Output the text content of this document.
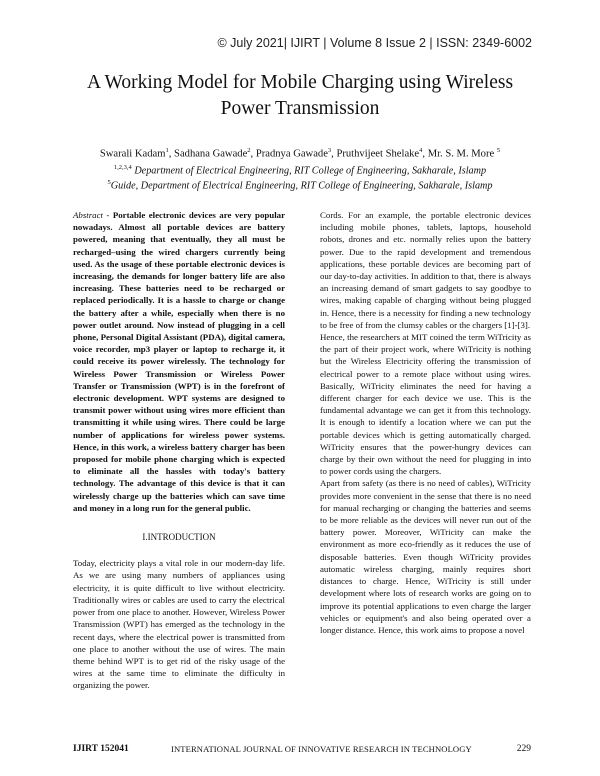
© July 2021| IJIRT | Volume 8 Issue 2 | ISSN: 2349-6002
A Working Model for Mobile Charging using Wireless
Power Transmission
Swarali Kadam$^1$, Sadhana Gawade$^2$, Pradnya Gawade$^3$, Pruthvijeet Shelake$^4$, Mr. S. M. More $^5$
$^{1,2,3,4}$ Department of Electrical Engineering, RIT College of Engineering, Sakharale, Islamp
$^5$Guide, Department of Electrical Engineering, RIT College of Engineering, Sakharale, Islamp

Abstract - Portable electronic devices are very popular nowadays. Almost all portable devices are battery powered, meaning that eventually, they all must be recharged–using the wired chargers currently being used. As the usage of these portable electronic devices is increasing, the demands for longer battery life are also increasing. These batteries need to be recharged or replaced periodically. It is a hassle to charge or change the battery after a while, especially when there is no power outlet around. Now instead of plugging in a cell phone, Personal Digital Assistant (PDA), digital camera, voice recorder, mp3 player or laptop to recharge it, it could receive its power wirelessly. The technology for Wireless Power Transmission or Wireless Power Transfer or Transmission (WPT) is in the forefront of electronic development. WPT systems are designed to transmit power without using wires more efficient than transmitting it while using wires. There could be large number of applications for wireless power systems. Hence, in this work, a wireless battery charger has been proposed for mobile phone charging which is expected to eliminate all the hassles with today's battery technology. The advantage of this device is that it can wirelessly charge up the batteries which can save time and money in a long run for the general public.

I.INTRODUCTION

Today, electricity plays a vital role in our modern-day life. As we are using many numbers of appliances using electricity, it is quite difficult to live without electricity. Traditionally wires or cables are used to carry the electrical power from one place to another. However, Wireless Power Transmission (WPT) has emerged as the technology in the recent days, where the electrical power is transmitted from one place to another without the use of wires. The main theme behind WPT is to get rid of the risky usage of the wires at the same time to eliminate the difficulty in organizing the power.

Cords. For an example, the portable electronic devices including mobile phones, tablets, laptops, household robots, drones and etc. normally relies upon the battery power. Due to the rapid development and tremendous applications, these portable devices are becoming part of our day-to-day activities. In addition to that, there is always an increasing demand of smart gadgets to say goodbye to wires, making capable of charging without being plugged in. Hence, there is a necessity for finding a new technology to be free of from the clumsy cables or the chargers [1]-[3].

Hence, the researchers at MIT coined the term WiTricity as the part of their project work, where WiTricity is nothing but the Wireless Electricity offering the transmission of electrical power to a remote place without using wires. Basically, WiTricity eliminates the need for having a different charger for each device we use. This is the fundamental advantage we can get it from this technology. It is enough to identify a location where we can put the portable devices which is getting automatically charged. WiTricity ensures that the power-hungry devices can charge by their own without the need for plugging in into to power cords using the chargers.

Apart from safety (as there is no need of cables), WiTricity provides more convenient in the sense that there is no need for manual recharging or changing the batteries and seems to be more reliable as the devices will never run out of the battery power. Moreover, WiTricity can make the environment as more eco-friendly as it reduces the use of disposable batteries. Even though WiTricity provides automatic wireless charging, mainly requires short distances to charge. Hence, WiTricity is still under development where lots of research works are going on to improve its potential applications to even charge the larger vehicles or equipment's and also being operated over a longer distance. Hence, this work aims to propose a novel

IJIRT 152041	INTERNATIONAL JOURNAL OF INNOVATIVE RESEARCH IN TECHNOLOGY	229
